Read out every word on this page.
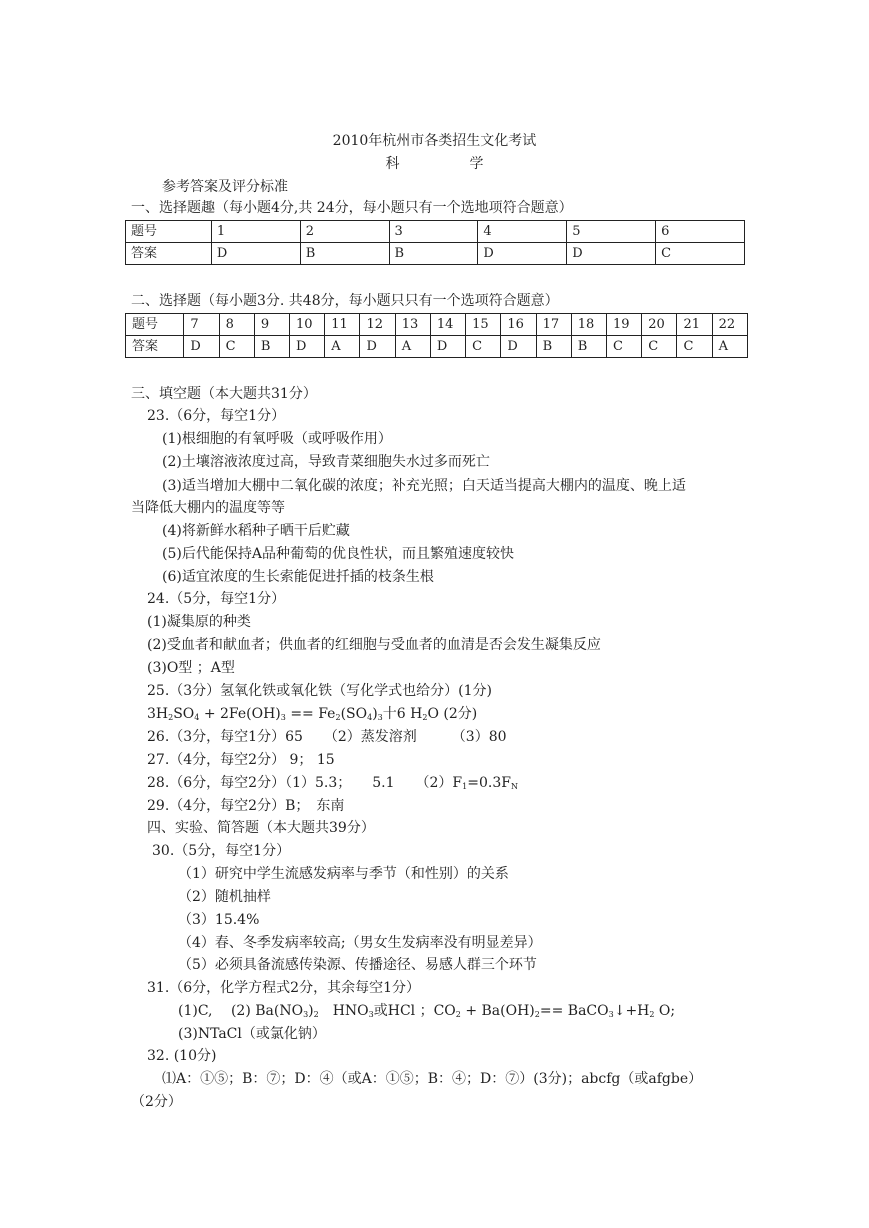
2010年杭州市各类招生文化考试
科　学
参考答案及评分标准
一、选择题趣（每小题4分,共 24分，每小题只有一个选地项符合题意）
题号	1	2	3	4	5	6
答案	D	B	B	D	D	C
二、选择题（每小题3分. 共48分，每小题只只有一个选项符合题意）
题号	7	8	9	10	11	12	13	14	15	16	17	18	19	20	21	22
答案	D	C	B	D	A	D	A	D	C	D	B	B	C	C	C	A
三、填空题（本大题共31分）
23.（6分，每空1分）
(1)根细胞的有氧呼吸（或呼吸作用）
(2)土壤溶液浓度过高，导致青菜细胞失水过多而死亡
(3)适当增加大棚中二氧化碳的浓度；补充光照；白天适当提高大棚内的温度、晚上适
当降低大棚内的温度等等
(4)将新鲜水稻种子晒干后贮藏
(5)后代能保持A品种葡萄的优良性状，而且繁殖速度较快
(6)适宜浓度的生长索能促进扦插的枝条生根
24.（5分，每空1分）
(1)凝集原的种类
(2)受血者和献血者；供血者的红细胞与受血者的血清是否会发生凝集反应
(3)O型 ；A型
25.（3分）氢氧化铁或氧化铁（写化学式也给分）(1分)
$3H_2SO_4 + 2Fe(OH)_3 == Fe_2(SO_4)_3$十6 $H_2O$ (2分)
26.（3分，每空1分）65　　（2）蒸发溶剂　　　（3）80
27.（4分，每空2分） 9； 15
28.（6分，每空2分）（1）5.3；　　5.1　　$(2)F_1=0.3F_N$
29.（4分，每空2分）B；　东南
四、实验、简答题（本大题共39分）
30.（5分，每空1分）
（1）研究中学生流感发病率与季节（和性别）的关系
（2）随机抽样
（3）15.4%
（4）春、冬季发病率较高;（男女生发病率没有明显差异）
（5）必须具备流感传染源、传播途径、易感人群三个环节
31.（6分，化学方程式2分，其余每空1分）
(1)C,　 (2) $Ba(NO_3)_2$　$HNO_3$或HCl ；$CO_2 + Ba(OH)_2==$ $BaCO_3↓+H_2$ O;
(3)NTaCl（或氯化钠）
32. (10分)
⑴A：①⑤；B：⑦；D：④（或A：①⑤；B：④；D：⑦）(3分)；abcfg（或afgbe）
（2分）
